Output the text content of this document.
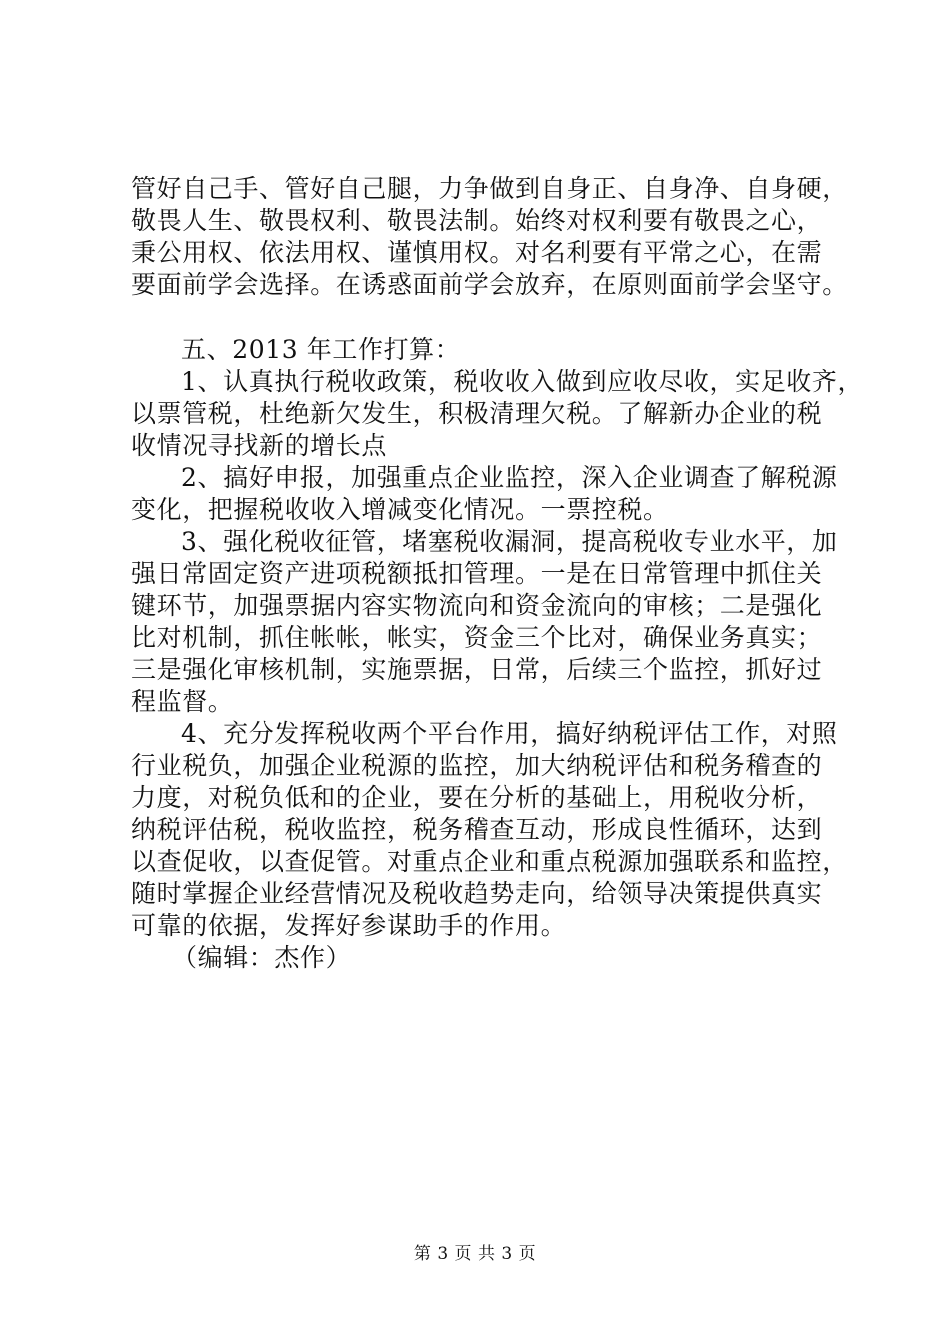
管好自己手、管好自己腿，力争做到自身正、自身净、自身硬，
敬畏人生、敬畏权利、敬畏法制。始终对权利要有敬畏之心，
秉公用权、依法用权、谨慎用权。对名利要有平常之心，在需
要面前学会选择。在诱惑面前学会放弃，在原则面前学会坚守。
五、2013 年工作打算：
1、认真执行税收政策，税收收入做到应收尽收，实足收齐，
以票管税，杜绝新欠发生，积极清理欠税。了解新办企业的税
收情况寻找新的增长点
2、搞好申报，加强重点企业监控，深入企业调查了解税源
变化，把握税收收入增减变化情况。一票控税。
3、强化税收征管，堵塞税收漏洞，提高税收专业水平，加
强日常固定资产进项税额抵扣管理。一是在日常管理中抓住关
键环节，加强票据内容实物流向和资金流向的审核；二是强化
比对机制，抓住帐帐，帐实，资金三个比对，确保业务真实；
三是强化审核机制，实施票据，日常，后续三个监控，抓好过
程监督。
4、充分发挥税收两个平台作用，搞好纳税评估工作，对照
行业税负，加强企业税源的监控，加大纳税评估和税务稽查的
力度，对税负低和的企业，要在分析的基础上，用税收分析，
纳税评估税，税收监控，税务稽查互动，形成良性循环，达到
以查促收，以查促管。对重点企业和重点税源加强联系和监控，
随时掌握企业经营情况及税收趋势走向，给领导决策提供真实
可靠的依据，发挥好参谋助手的作用。
（编辑：杰作）
第 3 页 共 3 页
